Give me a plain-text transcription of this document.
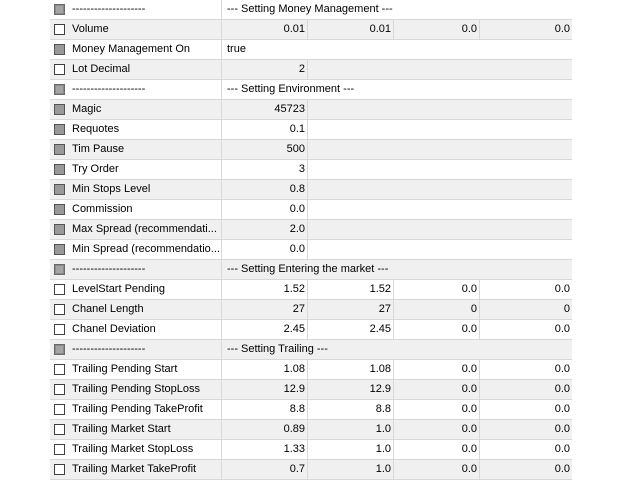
--------------------	--- Setting Money Management ---
Volume	0.01	0.01	0.0	0.0
Money Management On	true
Lot Decimal	2
--------------------	--- Setting Environment ---
Magic	45723
Requotes	0.1
Tim Pause	500
Try Order	3
Min Stops Level	0.8
Commission	0.0
Max Spread (recommendati...	2.0
Min Spread (recommendatio...	0.0
--------------------	--- Setting Entering the market ---
LevelStart Pending	1.52	1.52	0.0	0.0
Chanel Length	27	27	0	0
Chanel Deviation	2.45	2.45	0.0	0.0
--------------------	--- Setting Trailing ---
Trailing Pending Start	1.08	1.08	0.0	0.0
Trailing Pending StopLoss	12.9	12.9	0.0	0.0
Trailing Pending TakeProfit	8.8	8.8	0.0	0.0
Trailing Market Start	0.89	1.0	0.0	0.0
Trailing Market StopLoss	1.33	1.0	0.0	0.0
Trailing Market TakeProfit	0.7	1.0	0.0	0.0
